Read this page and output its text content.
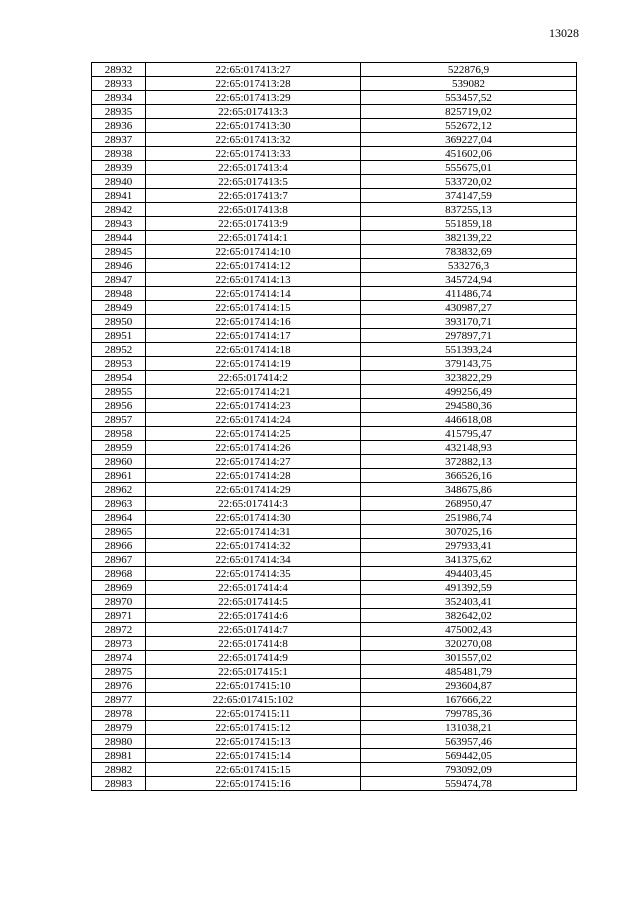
13028
28932	22:65:017413:27	522876,9
28933	22:65:017413:28	539082
28934	22:65:017413:29	553457,52
28935	22:65:017413:3	825719,02
28936	22:65:017413:30	552672,12
28937	22:65:017413:32	369227,04
28938	22:65:017413:33	451602,06
28939	22:65:017413:4	555675,01
28940	22:65:017413:5	533720,02
28941	22:65:017413:7	374147,59
28942	22:65:017413:8	837255,13
28943	22:65:017413:9	551859,18
28944	22:65:017414:1	382139,22
28945	22:65:017414:10	783832,69
28946	22:65:017414:12	533276,3
28947	22:65:017414:13	345724,94
28948	22:65:017414:14	411486,74
28949	22:65:017414:15	430987,27
28950	22:65:017414:16	393170,71
28951	22:65:017414:17	297897,71
28952	22:65:017414:18	551393,24
28953	22:65:017414:19	379143,75
28954	22:65:017414:2	323822,29
28955	22:65:017414:21	499256,49
28956	22:65:017414:23	294580,36
28957	22:65:017414:24	446618,08
28958	22:65:017414:25	415795,47
28959	22:65:017414:26	432148,93
28960	22:65:017414:27	372882,13
28961	22:65:017414:28	366526,16
28962	22:65:017414:29	348675,86
28963	22:65:017414:3	268950,47
28964	22:65:017414:30	251986,74
28965	22:65:017414:31	307025,16
28966	22:65:017414:32	297933,41
28967	22:65:017414:34	341375,62
28968	22:65:017414:35	494403,45
28969	22:65:017414:4	491392,59
28970	22:65:017414:5	352403,41
28971	22:65:017414:6	382642,02
28972	22:65:017414:7	475002,43
28973	22:65:017414:8	320270,08
28974	22:65:017414:9	301557,02
28975	22:65:017415:1	485481,79
28976	22:65:017415:10	293604,87
28977	22:65:017415:102	167666,22
28978	22:65:017415:11	799785,36
28979	22:65:017415:12	131038,21
28980	22:65:017415:13	563957,46
28981	22:65:017415:14	569442,05
28982	22:65:017415:15	793092,09
28983	22:65:017415:16	559474,78
